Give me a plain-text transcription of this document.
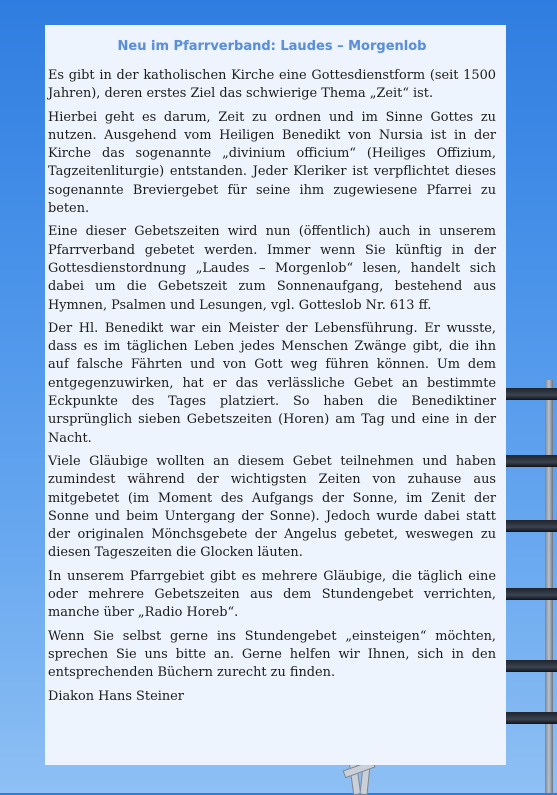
Neu im Pfarrverband: Laudes – Morgenlob

Es gibt in der katholischen Kirche eine Gottesdienstform (seit 1500 Jahren), deren erstes Ziel das schwierige Thema „Zeit“ ist.

Hierbei geht es darum, Zeit zu ordnen und im Sinne Gottes zu nutzen. Ausgehend vom Heiligen Benedikt von Nursia ist in der Kirche das sogenannte „divinium officium“ (Heiliges Offizium, Tagzeitenliturgie) entstanden. Jeder Kleriker ist verpflichtet dieses sogenannte Breviergebet für seine ihm zugewiesene Pfarrei zu beten.

Eine dieser Gebetszeiten wird nun (öffentlich) auch in unserem Pfarrverband gebetet werden. Immer wenn Sie künftig in der Gottesdienstordnung „Laudes – Morgenlob“ lesen, handelt sich dabei um die Gebetszeit zum Sonnenaufgang, bestehend aus Hymnen, Psalmen und Lesungen, vgl. Gotteslob Nr. 613 ff.

Der Hl. Benedikt war ein Meister der Lebensführung. Er wusste, dass es im täglichen Leben jedes Menschen Zwänge gibt, die ihn auf falsche Fährten und von Gott weg führen können. Um dem entgegenzuwirken, hat er das verlässliche Gebet an bestimmte Eckpunkte des Tages platziert. So haben die Benediktiner ursprünglich sieben Gebetszeiten (Horen) am Tag und eine in der Nacht.

Viele Gläubige wollten an diesem Gebet teilnehmen und haben zumindest während der wichtigsten Zeiten von zuhause aus mitgebetet (im Moment des Aufgangs der Sonne, im Zenit der Sonne und beim Untergang der Sonne). Jedoch wurde dabei statt der originalen Mönchsgebete der Angelus gebetet, weswegen zu diesen Tageszeiten die Glocken läuten.

In unserem Pfarrgebiet gibt es mehrere Gläubige, die täglich eine oder mehrere Gebetszeiten aus dem Stundengebet verrichten, manche über „Radio Horeb“.

Wenn Sie selbst gerne ins Stundengebet „einsteigen“ möchten, sprechen Sie uns bitte an. Gerne helfen wir Ihnen, sich in den entsprechenden Büchern zurecht zu finden.

Diakon Hans Steiner
